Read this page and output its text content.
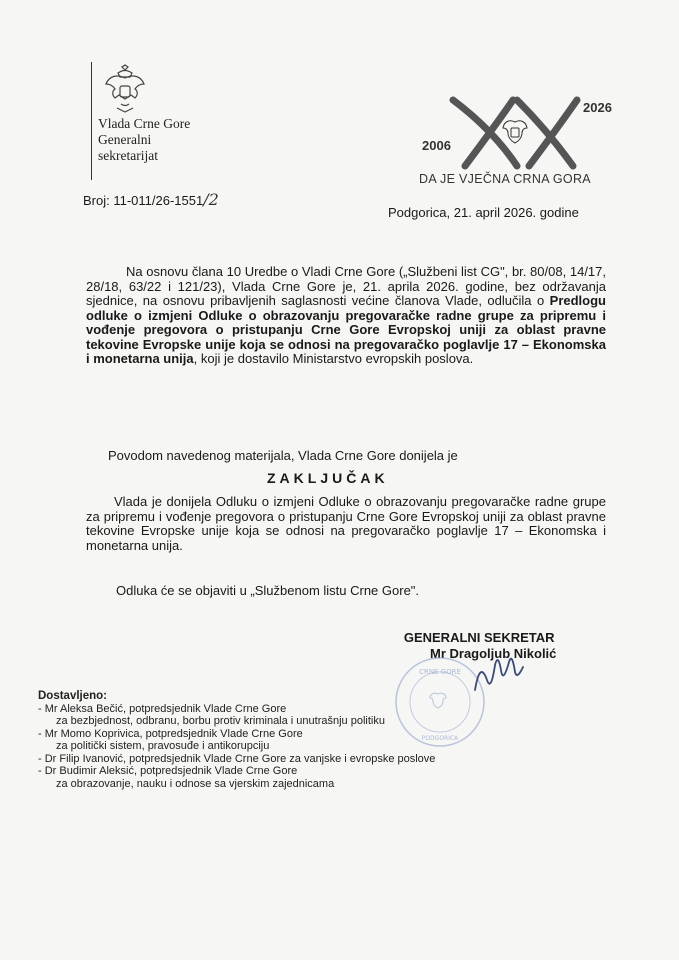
Vlada Crne Gore
Generalni
sekretarijat
2006
2026
DA JE VJEČNA CRNA GORA
Broj: 11-011/26-1551/2
Podgorica, 21. april 2026. godine
Na osnovu člana 10 Uredbe o Vladi Crne Gore („Službeni list CG", br. 80/08, 14/17, 28/18, 63/22 i 121/23), Vlada Crne Gore je, 21. aprila 2026. godine, bez održavanja sjednice, na osnovu pribavljenih saglasnosti većine članova Vlade, odlučila o Predlogu odluke o izmjeni Odluke o obrazovanju pregovaračke radne grupe za pripremu i vođenje pregovora o pristupanju Crne Gore Evropskoj uniji za oblast pravne tekovine Evropske unije koja se odnosi na pregovaračko poglavlje 17 – Ekonomska i monetarna unija, koji je dostavilo Ministarstvo evropskih poslova.
Povodom navedenog materijala, Vlada Crne Gore donijela je
ZAKLJUČAK
Vlada je donijela Odluku o izmjeni Odluke o obrazovanju pregovaračke radne grupe za pripremu i vođenje pregovora o pristupanju Crne Gore Evropskoj uniji za oblast pravne tekovine Evropske unije koja se odnosi na pregovaračko poglavlje 17 – Ekonomska i monetarna unija.
Odluka će se objaviti u „Službenom listu Crne Gore".
GENERALNI SEKRETAR
Mr Dragoljub Nikolić
CRNE GORE
PODGORICA
Dostavljeno:
- Mr Aleksa Bečić, potpredsjednik Vlade Crne Gore
za bezbjednost, odbranu, borbu protiv kriminala i unutrašnju politiku
- Mr Momo Koprivica, potpredsjednik Vlade Crne Gore
za politički sistem, pravosuđe i antikorupciju
- Dr Filip Ivanović, potpredsjednik Vlade Crne Gore za vanjske i evropske poslove
- Dr Budimir Aleksić, potpredsjednik Vlade Crne Gore
za obrazovanje, nauku i odnose sa vjerskim zajednicama
